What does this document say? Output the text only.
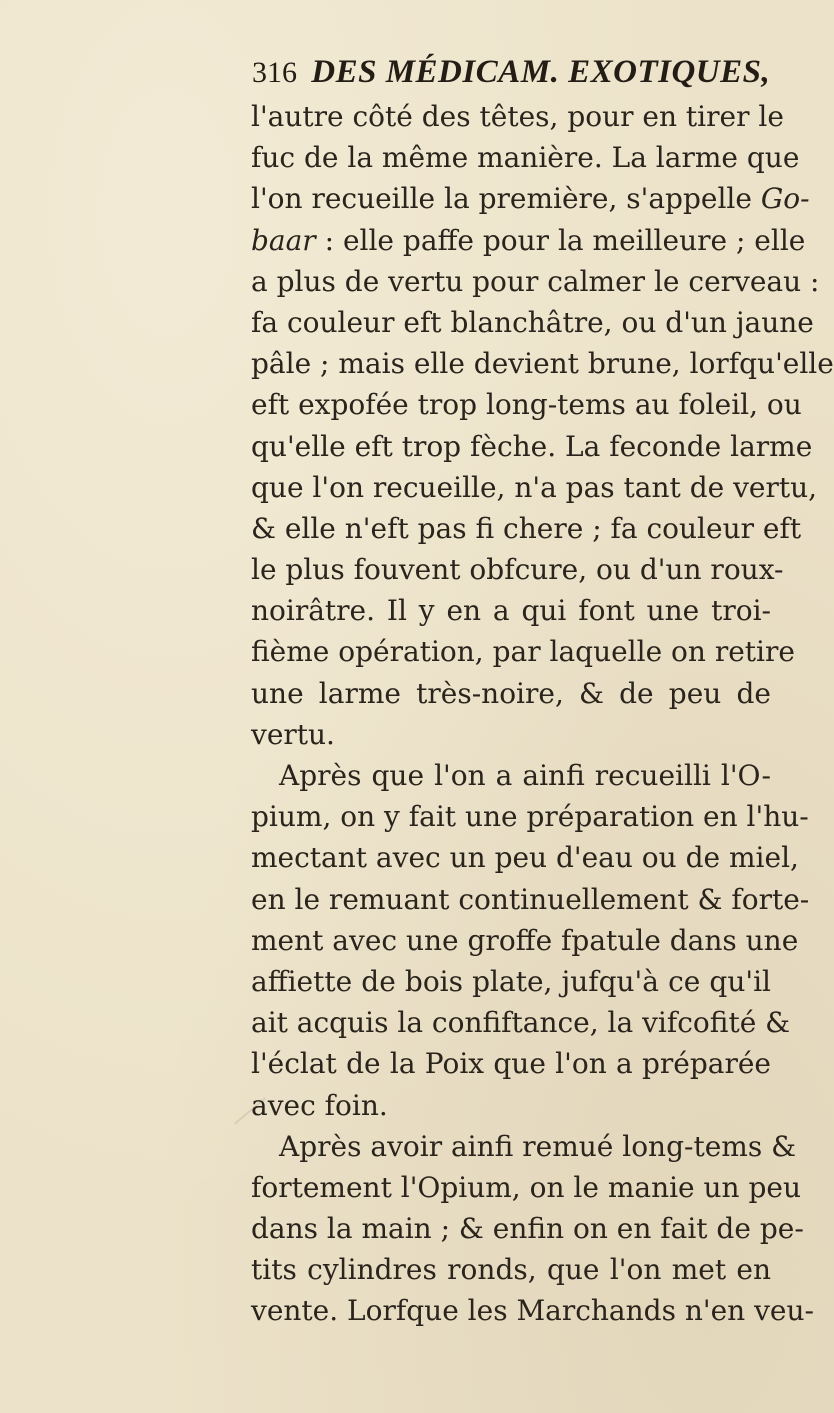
316 DES MÉDICAM. EXOTIQUES,
l'autre côté des têtes, pour en tirer le
fuc de la même manière. La larme que
l'on recueille la première, s'appelle Go-
baar : elle paffe pour la meilleure ; elle
a plus de vertu pour calmer le cerveau :
fa couleur eft blanchâtre, ou d'un jaune
pâle ; mais elle devient brune, lorfqu'elle
eft expofée trop long-tems au foleil, ou
qu'elle eft trop fèche. La feconde larme
que l'on recueille, n'a pas tant de vertu,
& elle n'eft pas fi chere ; fa couleur eft
le plus fouvent obfcure, ou d'un roux-
noirâtre. Il y en a qui font une troi-
fième opération, par laquelle on retire
une larme très-noire, & de peu de
vertu.
Après que l'on a ainfi recueilli l'O-
pium, on y fait une préparation en l'hu-
mectant avec un peu d'eau ou de miel,
en le remuant continuellement & forte-
ment avec une groffe fpatule dans une
affiette de bois plate, jufqu'à ce qu'il
ait acquis la confiftance, la vifcofité &
l'éclat de la Poix que l'on a préparée
avec foin.
Après avoir ainfi remué long-tems &
fortement l'Opium, on le manie un peu
dans la main ; & enfin on en fait de pe-
tits cylindres ronds, que l'on met en
vente. Lorfque les Marchands n'en veu-
